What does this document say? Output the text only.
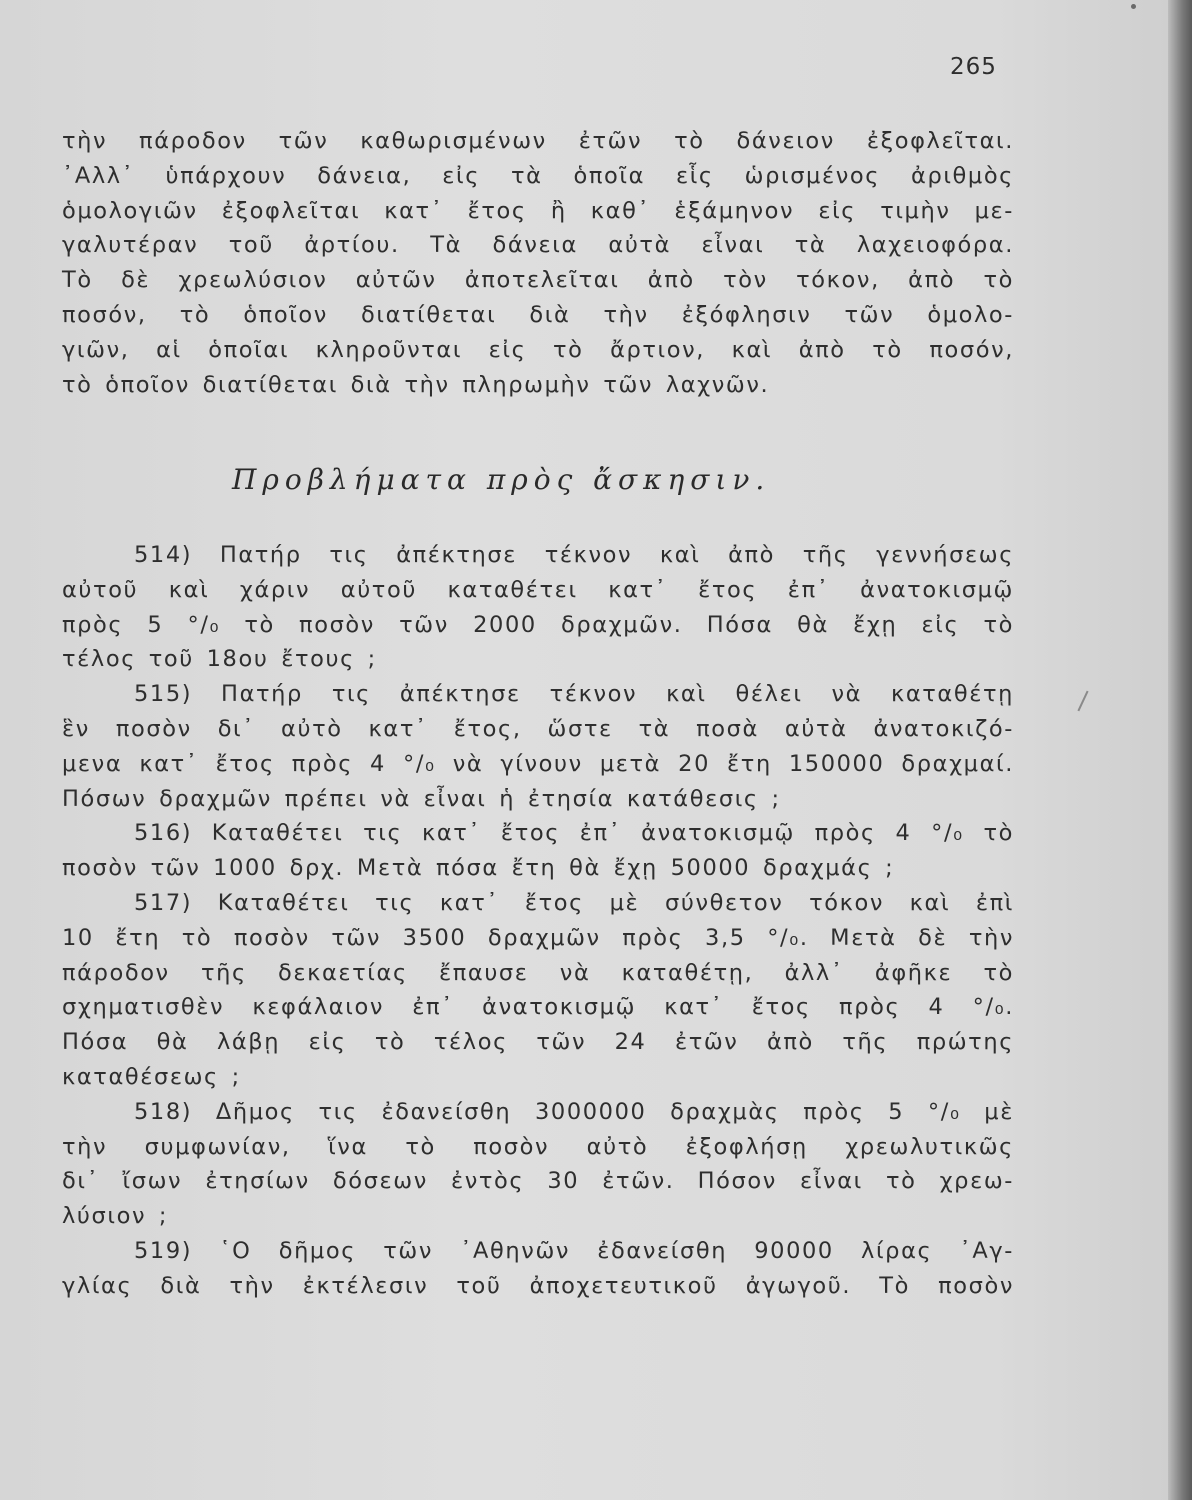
265
τὴν πάροδον τῶν καθωρισμένων ἐτῶν τὸ δάνειον ἐξοφλεῖται.
᾿Αλλ᾿ ὑπάρχουν δάνεια, εἰς τὰ ὁποῖα εἷς ὡρισμένος ἀριθμὸς
ὁμολογιῶν ἐξοφλεῖται κατ᾿ ἔτος ἢ καθ᾿ ἑξάμηνον εἰς τιμὴν με-
γαλυτέραν τοῦ ἀρτίου. Τὰ δάνεια αὐτὰ εἶναι τὰ λαχειοφόρα.
Τὸ δὲ χρεωλύσιον αὐτῶν ἀποτελεῖται ἀπὸ τὸν τόκον, ἀπὸ τὸ
ποσόν, τὸ ὁποῖον διατίθεται διὰ τὴν ἐξόφλησιν τῶν ὁμολο-
γιῶν, αἱ ὁποῖαι κληροῦνται εἰς τὸ ἄρτιον, καὶ ἀπὸ τὸ ποσόν,
τὸ ὁποῖον διατίθεται διὰ τὴν πληρωμὴν τῶν λαχνῶν.
Προβλήματα πρὸς ἄσκησιν.
514) Πατήρ τις ἀπέκτησε τέκνον καὶ ἀπὸ τῆς γεννήσεως
αὐτοῦ καὶ χάριν αὐτοῦ καταθέτει κατ᾿ ἔτος ἐπ᾿ ἀνατοκισμῷ
πρὸς 5 °/₀ τὸ ποσὸν τῶν 2000 δραχμῶν. Πόσα θὰ ἔχῃ εἰς τὸ
τέλος τοῦ 18ου ἔτους ;
515) Πατήρ τις ἀπέκτησε τέκνον καὶ θέλει νὰ καταθέτῃ
ἓν ποσὸν δι᾿ αὐτὸ κατ᾿ ἔτος, ὥστε τὰ ποσὰ αὐτὰ ἀνατοκιζό-
μενα κατ᾿ ἔτος πρὸς 4 °/₀ νὰ γίνουν μετὰ 20 ἔτη 150000 δραχμαί.
Πόσων δραχμῶν πρέπει νὰ εἶναι ἡ ἐτησία κατάθεσις ;
516) Καταθέτει τις κατ᾿ ἔτος ἐπ᾿ ἀνατοκισμῷ πρὸς 4 °/₀ τὸ
ποσὸν τῶν 1000 δρχ. Μετὰ πόσα ἔτη θὰ ἔχῃ 50000 δραχμάς ;
517) Καταθέτει τις κατ᾿ ἔτος μὲ σύνθετον τόκον καὶ ἐπὶ
10 ἔτη τὸ ποσὸν τῶν 3500 δραχμῶν πρὸς 3,5 °/₀. Μετὰ δὲ τὴν
πάροδον τῆς δεκαετίας ἔπαυσε νὰ καταθέτῃ, ἀλλ᾿ ἀφῆκε τὸ
σχηματισθὲν κεφάλαιον ἐπ᾿ ἀνατοκισμῷ κατ᾿ ἔτος πρὸς 4 °/₀.
Πόσα θὰ λάβῃ εἰς τὸ τέλος τῶν 24 ἐτῶν ἀπὸ τῆς πρώτης
καταθέσεως ;
518) Δῆμος τις ἐδανείσθη 3000000 δραχμὰς πρὸς 5 °/₀ μὲ
τὴν συμφωνίαν, ἵνα τὸ ποσὸν αὐτὸ ἐξοφλήσῃ χρεωλυτικῶς
δι᾿ ἴσων ἐτησίων δόσεων ἐντὸς 30 ἐτῶν. Πόσον εἶναι τὸ χρεω-
λύσιον ;
519) ῾Ο δῆμος τῶν ᾿Αθηνῶν ἐδανείσθη 90000 λίρας ᾿Αγ-
γλίας διὰ τὴν ἐκτέλεσιν τοῦ ἀποχετευτικοῦ ἀγωγοῦ. Τὸ ποσὸν
